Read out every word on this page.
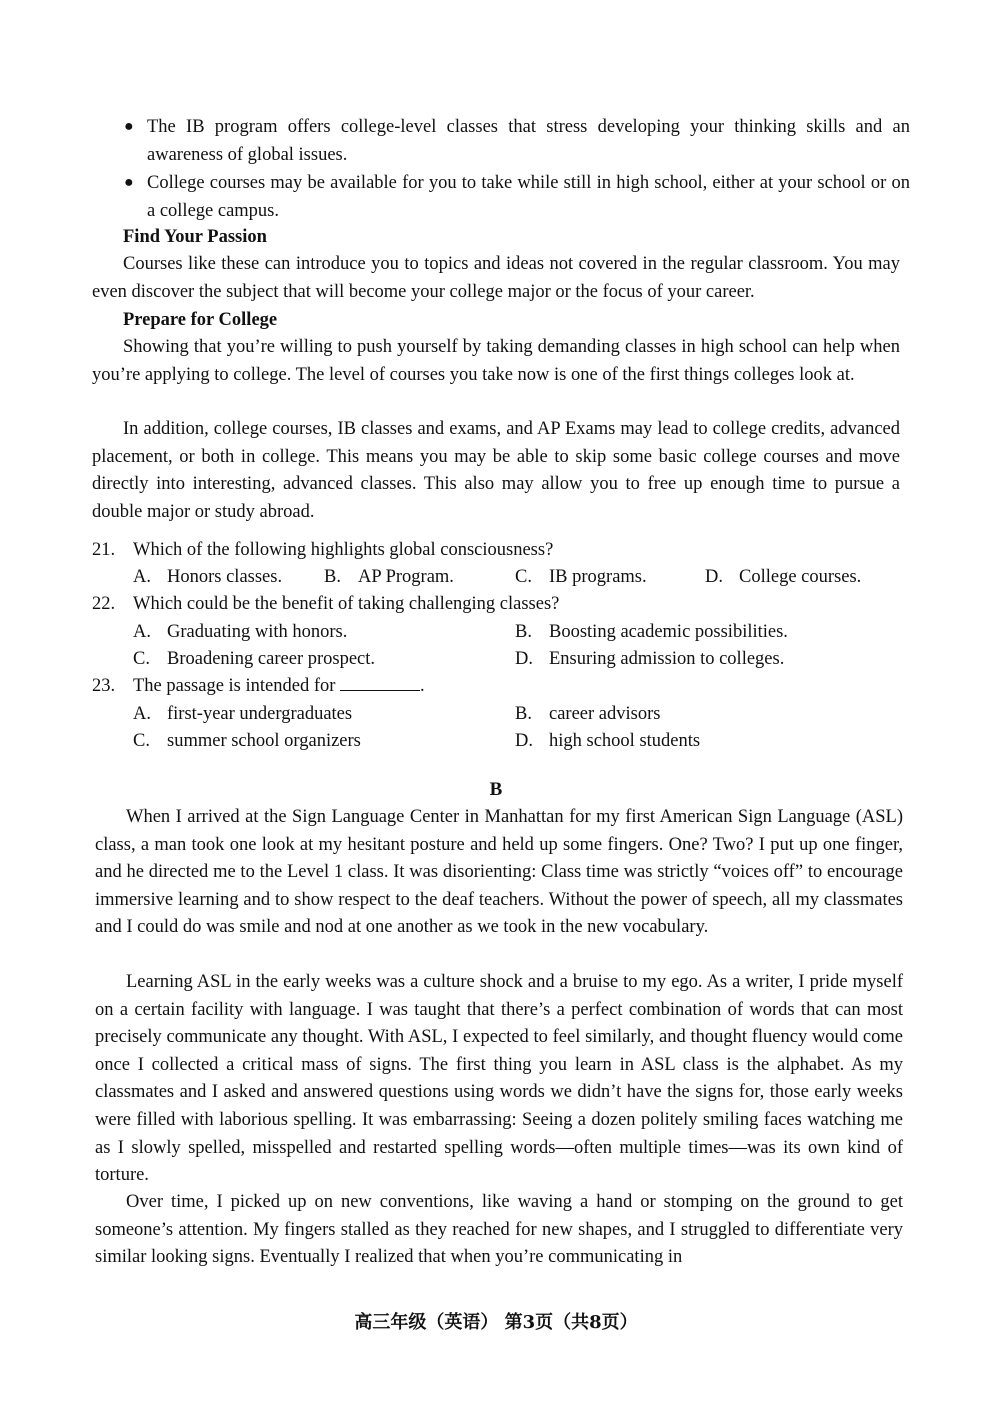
● The IB program offers college-level classes that stress developing your thinking skills and an awareness of global issues.
● College courses may be available for you to take while still in high school, either at your school or on a college campus.
Find Your Passion
Courses like these can introduce you to topics and ideas not covered in the regular classroom. You may even discover the subject that will become your college major or the focus of your career.
Prepare for College
Showing that you’re willing to push yourself by taking demanding classes in high school can help when you’re applying to college. The level of courses you take now is one of the first things colleges look at.
In addition, college courses, IB classes and exams, and AP Exams may lead to college credits, advanced placement, or both in college. This means you may be able to skip some basic college courses and move directly into interesting, advanced classes. This also may allow you to free up enough time to pursue a double major or study abroad.
21. Which of the following highlights global consciousness?
A. Honors classes. B. AP Program.	C. IB programs.	D. College courses.
22. Which could be the benefit of taking challenging classes?
A. Graduating with honors.	B. Boosting academic possibilities.
C. Broadening career prospect.	D. Ensuring admission to colleges.
23. The passage is intended for	.
A. first-year undergraduates	B. career advisors
C. summer school organizers	D. high school students
B
When I arrived at the Sign Language Center in Manhattan for my first American Sign Language (ASL) class, a man took one look at my hesitant posture and held up some fingers. One? Two? I put up one finger, and he directed me to the Level 1 class. It was disorienting: Class time was strictly “voices off” to encourage immersive learning and to show respect to the deaf teachers. Without the power of speech, all my classmates and I could do was smile and nod at one another as we took in the new vocabulary.
Learning ASL in the early weeks was a culture shock and a bruise to my ego. As a writer, I pride myself on a certain facility with language. I was taught that there’s a perfect combination of words that can most precisely communicate any thought. With ASL, I expected to feel similarly, and thought fluency would come once I collected a critical mass of signs. The first thing you learn in ASL class is the alphabet. As my classmates and I asked and answered questions using words we didn’t have the signs for, those early weeks were filled with laborious spelling. It was embarrassing: Seeing a dozen politely smiling faces watching me as I slowly spelled, misspelled and restarted spelling words—often multiple times—was its own kind of torture.
Over time, I picked up on new conventions, like waving a hand or stomping on the ground to get someone’s attention. My fingers stalled as they reached for new shapes, and I struggled to differentiate very similar looking signs. Eventually I realized that when you’re communicating in
高三年级（英语） 第3页（共8页）
